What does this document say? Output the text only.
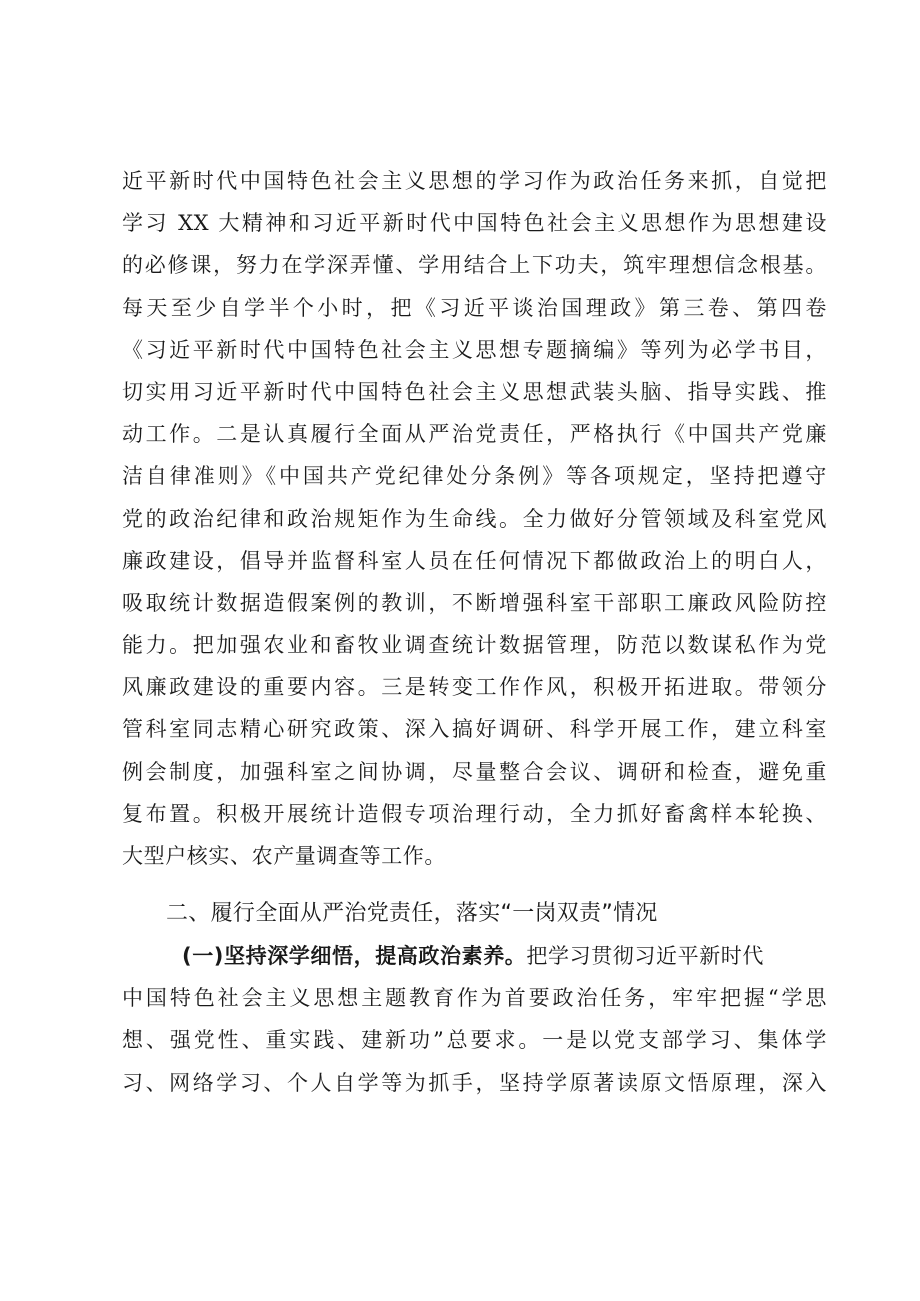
近平新时代中国特色社会主义思想的学习作为政治任务来抓，自觉把
学习 XX 大精神和习近平新时代中国特色社会主义思想作为思想建设
的必修课，努力在学深弄懂、学用结合上下功夫，筑牢理想信念根基。
每天至少自学半个小时，把《习近平谈治国理政》第三卷、第四卷
《习近平新时代中国特色社会主义思想专题摘编》等列为必学书目，
切实用习近平新时代中国特色社会主义思想武装头脑、指导实践、推
动工作。二是认真履行全面从严治党责任，严格执行《中国共产党廉
洁自律准则》《中国共产党纪律处分条例》等各项规定，坚持把遵守
党的政治纪律和政治规矩作为生命线。全力做好分管领域及科室党风
廉政建设，倡导并监督科室人员在任何情况下都做政治上的明白人，
吸取统计数据造假案例的教训，不断增强科室干部职工廉政风险防控
能力。把加强农业和畜牧业调查统计数据管理，防范以数谋私作为党
风廉政建设的重要内容。三是转变工作作风，积极开拓进取。带领分
管科室同志精心研究政策、深入搞好调研、科学开展工作，建立科室
例会制度，加强科室之间协调，尽量整合会议、调研和检查，避免重
复布置。积极开展统计造假专项治理行动，全力抓好畜禽样本轮换、
大型户核实、农产量调查等工作。
二、履行全面从严治党责任，落实“一岗双责”情况
(一)坚持深学细悟，提高政治素养。把学习贯彻习近平新时代
中国特色社会主义思想主题教育作为首要政治任务，牢牢把握“学思
想、强党性、重实践、建新功”总要求。一是以党支部学习、集体学
习、网络学习、个人自学等为抓手，坚持学原著读原文悟原理，深入
